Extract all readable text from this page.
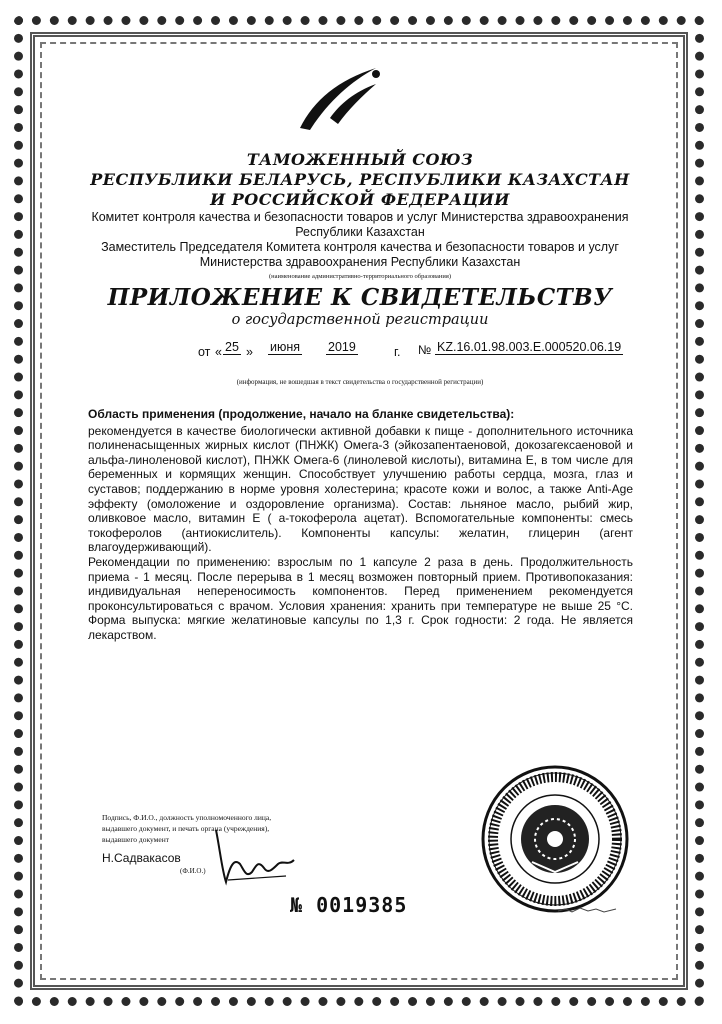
ТАМОЖЕННЫЙ СОЮЗ
РЕСПУБЛИКИ БЕЛАРУСЬ, РЕСПУБЛИКИ КАЗАХСТАН
И РОССИЙСКОЙ ФЕДЕРАЦИИ
Комитет контроля качества и безопасности товаров и услуг Министерства здравоохранения
Республики Казахстан
Заместитель Председателя Комитета контроля качества и безопасности товаров и услуг
Министерства здравоохранения Республики Казахстан
(наименование административно-территориального образования)
ПРИЛОЖЕНИЕ К СВИДЕТЕЛЬСТВУ
о государственной регистрации
от « 25 » июня 2019	г. № KZ.16.01.98.003.E.000520.06.19
(информация, не вошедшая в текст свидетельства о государственной регистрации)

Область применения (продолжение, начало на бланке свидетельства):

рекомендуется в качестве биологически активной добавки к пище - дополнительного источника полиненасыщенных жирных кислот (ПНЖК) Омега-3 (эйкозапентаеновой, докозагексаеновой и альфа-линоленовой кислот), ПНЖК Омега-6 (линолевой кислоты), витамина Е, в том числе для беременных и кормящих женщин. Способствует улучшению работы сердца, мозга, глаз и суставов; поддержанию в норме уровня холестерина; красоте кожи и волос, а также Anti-Age эффекту (омоложение и оздоровление организма). Состав: льняное масло, рыбий жир, оливковое масло, витамин Е ( а-токоферола ацетат). Вспомогательные компоненты: смесь токоферолов (антиокислитель). Компоненты капсулы: желатин, глицерин (агент влагоудерживающий).

Рекомендации по применению: взрослым по 1 капсуле 2 раза в день. Продолжительность приема - 1 месяц. После перерыва в 1 месяц возможен повторный прием. Противопоказания: индивидуальная непереносимость компонентов. Перед применением рекомендуется проконсультироваться с врачом. Условия хранения: хранить при температуре не выше 25 °С. Форма выпуска: мягкие желатиновые капсулы по 1,3 г. Срок годности: 2 года. Не является лекарством.

Подпись, Ф.И.О., должность уполномоченного лица,
выдавшего документ, и печать органа (учреждения),
выдавшего документ
Н.Садвакасов
(Ф.И.О.)
№ 0019385
